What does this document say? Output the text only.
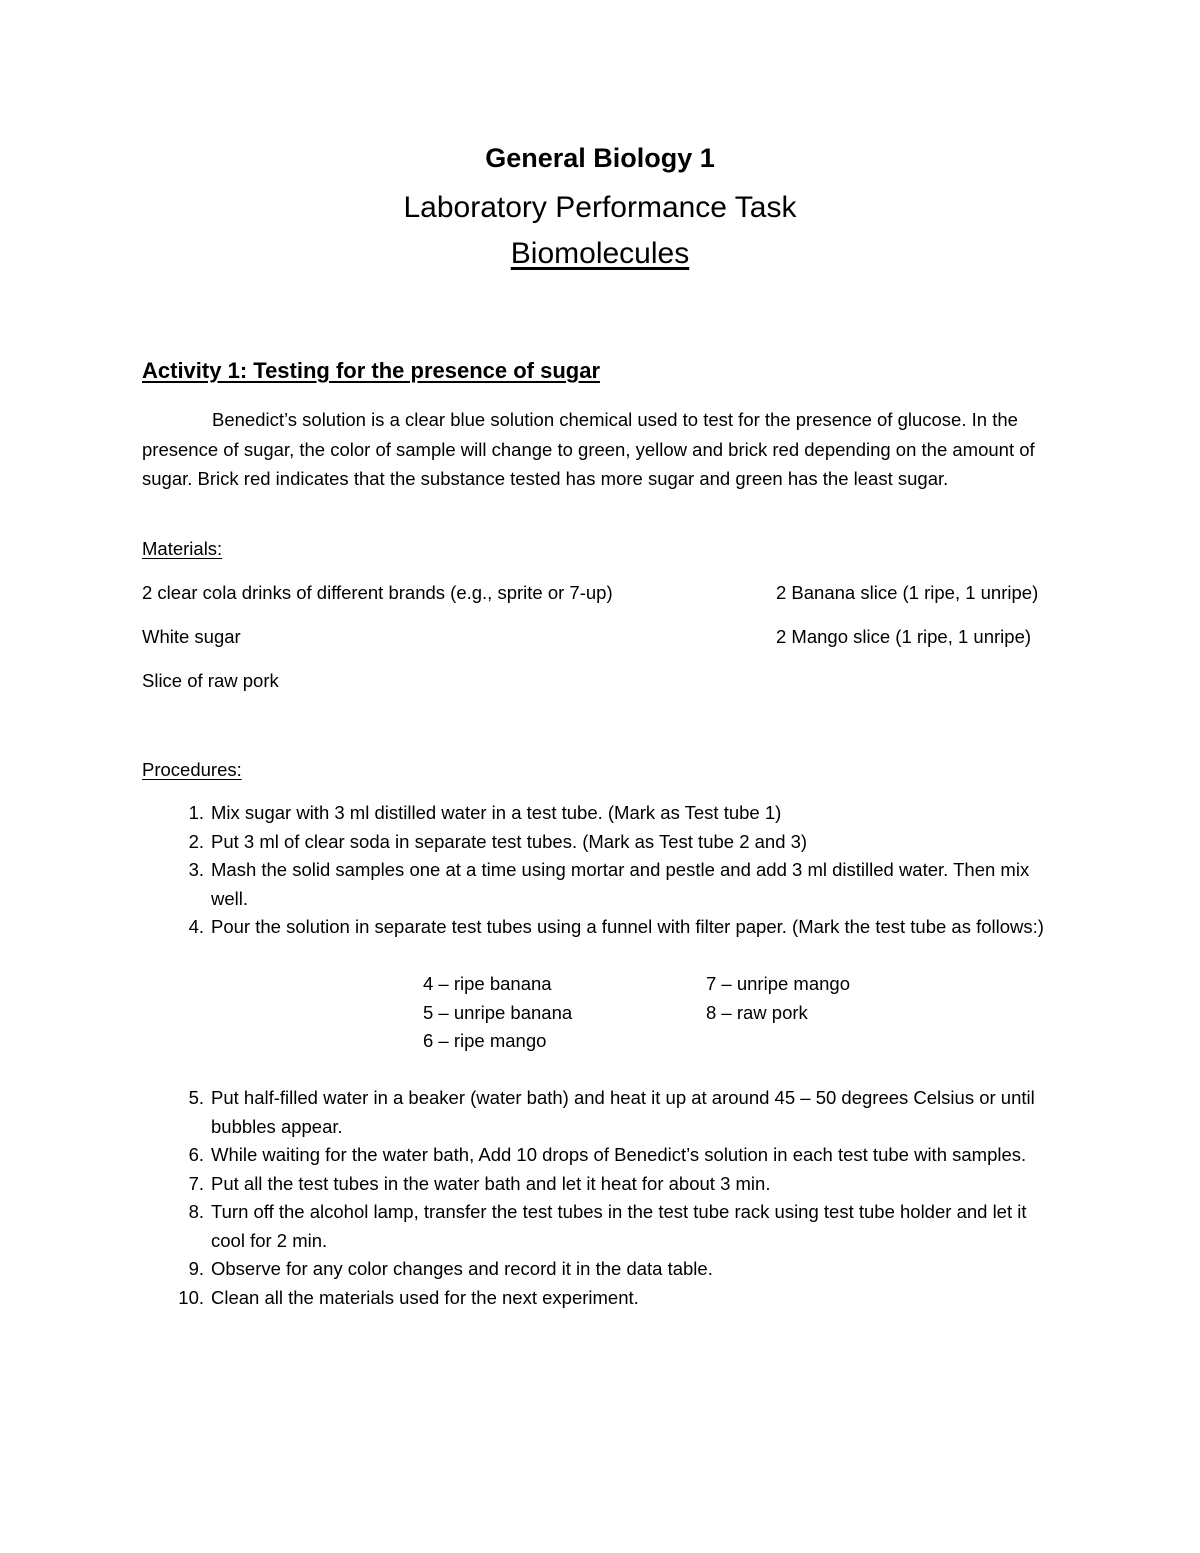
General Biology 1
Laboratory Performance Task
Biomolecules
Activity 1: Testing for the presence of sugar
Benedict’s solution is a clear blue solution chemical used to test for the presence of glucose. In the presence of sugar, the color of sample will change to green, yellow and brick red depending on the amount of sugar. Brick red indicates that the substance tested has more sugar and green has the least sugar.
Materials:
2 clear cola drinks of different brands (e.g., sprite or 7-up)
White sugar
Slice of raw pork
2 Banana slice (1 ripe, 1 unripe)
2 Mango slice (1 ripe, 1 unripe)
Procedures:
1. Mix sugar with 3 ml distilled water in a test tube. (Mark as Test tube 1)
2. Put 3 ml of clear soda in separate test tubes. (Mark as Test tube 2 and 3)
3. Mash the solid samples one at a time using mortar and pestle and add 3 ml distilled water. Then mix well.
4. Pour the solution in separate test tubes using a funnel with filter paper. (Mark the test tube as follows:)
4 – ripe banana
5 – unripe banana
6 – ripe mango
7 – unripe mango
8 – raw pork
5. Put half-filled water in a beaker (water bath) and heat it up at around 45 – 50 degrees Celsius or until bubbles appear.
6. While waiting for the water bath, Add 10 drops of Benedict’s solution in each test tube with samples.
7. Put all the test tubes in the water bath and let it heat for about 3 min.
8. Turn off the alcohol lamp, transfer the test tubes in the test tube rack using test tube holder and let it cool for 2 min.
9. Observe for any color changes and record it in the data table.
10. Clean all the materials used for the next experiment.
